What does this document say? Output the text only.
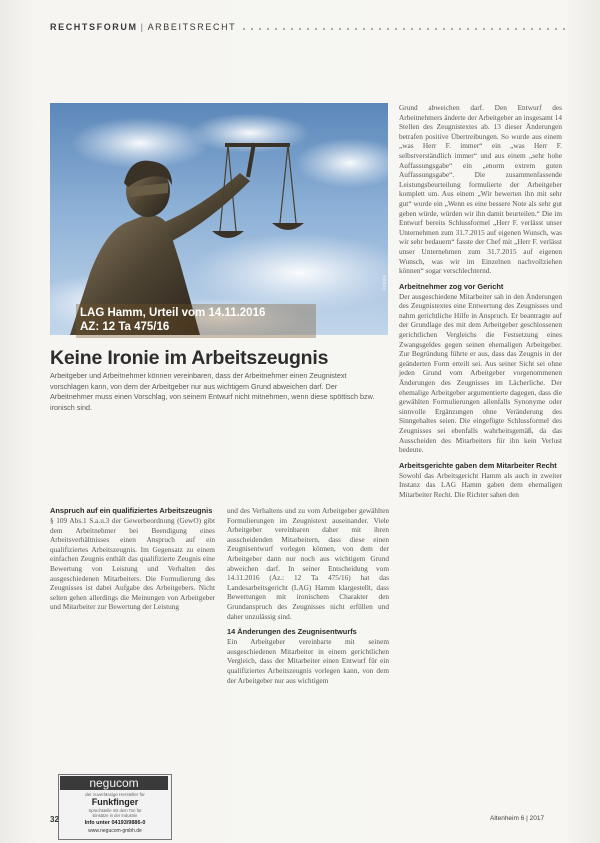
RECHTSFORUM | ARBEITSRECHT
LAG Hamm, Urteil vom 14.11.2016
AZ: 12 Ta 475/16
Fotolia
Keine Ironie im Arbeitszeugnis
Arbeitgeber und Arbeitnehmer können vereinbaren, dass der Arbeitnehmer einen Zeugnistext vorschlagen kann, von dem der Arbeitgeber nur aus wichtigem Grund abweichen darf. Der Arbeitnehmer muss einen Vorschlag, von seinem Entwurf nicht mitnehmen, wenn diese spöttisch bzw. ironisch sind.
Anspruch auf ein qualifiziertes Arbeitszeugnis

§ 109 Abs.1 S.a.u.3 der Gewerbeordnung (GewO) gibt dem Arbeitnehmer bei Beendigung eines Arbeitsverhältnisses einen Anspruch auf ein qualifiziertes Arbeitszeugnis. Im Gegensatz zu einem einfachen Zeugnis enthält das qualifizierte Zeugnis eine Bewertung von Leistung und Verhalten des ausgeschiedenen Mitarbeiters. Die Formulierung des Zeugnisses ist dabei Aufgabe des Arbeitgebers. Nicht selten gehen allerdings die Meinungen von Arbeitgeber und Mitarbeiter zur Bewertung der Leistung

und des Verhaltens und zu vom Arbeitgeber gewählten Formulierungen im Zeugnistext auseinander. Viele Arbeitgeber vereinbaren daher mit ihren ausscheidenden Mitarbeitern, dass diese einen Zeugnisentwurf vorlegen können, von dem der Arbeitgeber dann nur noch aus wichtigem Grund abweichen darf. In seiner Entscheidung vom 14.11.2016 (Az.: 12 Ta 475/16) hat das Landesarbeitsgericht (LAG) Hamm klargestellt, dass Bewertungen mit ironischem Charakter den Grundanspruch des Zeugnisses nicht erfüllen und daher unzulässig sind.

14 Änderungen des Zeugnisentwurfs

Ein Arbeitgeber vereinbarte mit seinem ausgeschiedenen Mitarbeiter in einem gerichtlichen Vergleich, dass der Mitarbeiter einen Entwurf für ein qualifiziertes Arbeitszeugnis vorlegen kann, von dem der Arbeitgeber nur aus wichtigem

Grund abweichen darf. Den Entwurf des Arbeitnehmers änderte der Arbeitgeber an insgesamt 14 Stellen des Zeugnistextes ab. 13 dieser Änderungen betrafen positive Übertreibungen. So wurde aus einem „was Herr F. immer“ ein „was Herr F. selbstverständlich immer“ und aus einem „sehr hohe Auffassungsgabe“ ein „enorm extrem guten Auffassungsgabe“. Die zusammenfassende Leistungsbeurteilung formulierte der Arbeitgeber komplett um. Aus einem „Wir bewerten ihn mit sehr gut“ wurde ein „Wenn es eine bessere Note als sehr gut geben würde, würden wir ihn damit beurteilen.“ Die im Entwurf bereits Schlussformel „Herr F. verlässt unser Unternehmen zum 31.7.2015 auf eigenen Wunsch, was wir sehr bedauern“ fasste der Chef mit „Herr F. verlässt unser Unternehmen zum 31.7.2015 auf eigenen Wunsch, was wir im Einzelnen nachvollziehen können“ sogar verschlechternd.

Arbeitnehmer zog vor Gericht

Der ausgeschiedene Mitarbeiter sah in den Änderungen des Zeugnistextes eine Entwertung des Zeugnisses und nahm gerichtliche Hilfe in Anspruch. Er beantragte auf der Grundlage des mit dem Arbeitgeber geschlossenen gerichtlichen Vergleichs die Festsetzung eines Zwangsgeldes gegen seinen ehemaligen Arbeitgeber. Zur Begründung führte er aus, dass das Zeugnis in der geänderten Form erteilt sei. Aus seiner Sicht sei ohne jeden Grund vom Arbeitgeber vorgenommenen Änderungen des Zeugnisses im Lächerliche. Der ehemalige Arbeitgeber argumentierte dagegen, dass die gewählten Formulierungen allenfalls Synonyme oder sinnvolle Ergänzungen ohne Veränderung des Sinngehaltes seien. Die eingefügte Schlussformel des Zeugnisses sei ebenfalls wahrheitsgemäß, da das Ausscheiden des Mitarbeiters für ihn kein Verlust bedeute.

Arbeitsgerichte gaben dem Mitarbeiter Recht

Sowohl das Arbeitsgericht Hamm als auch in zweiter Instanz das LAG Hamm gaben dem ehemaligen Mitarbeiter Recht. Die Richter sahen den

negucom
der zuverlässige Hersteller für
Funkfinger
Sprechstelle mit dem Ton für
Einsätze in der Industrie
Info unter 04193/9886-0
www.negucom-gmbh.de
32	Altenheim 6 | 2017
